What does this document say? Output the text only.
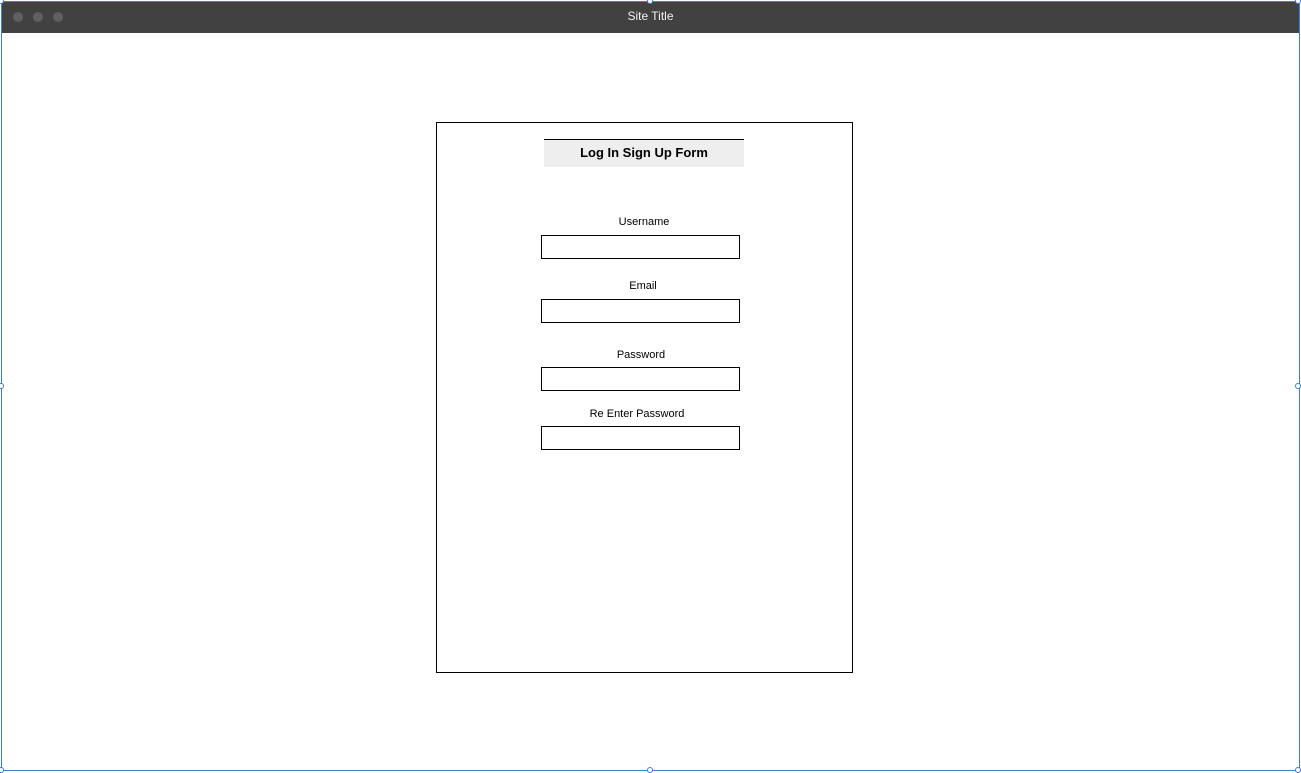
Site Title
Log In Sign Up Form
Username
Email
Password
Re Enter Password
